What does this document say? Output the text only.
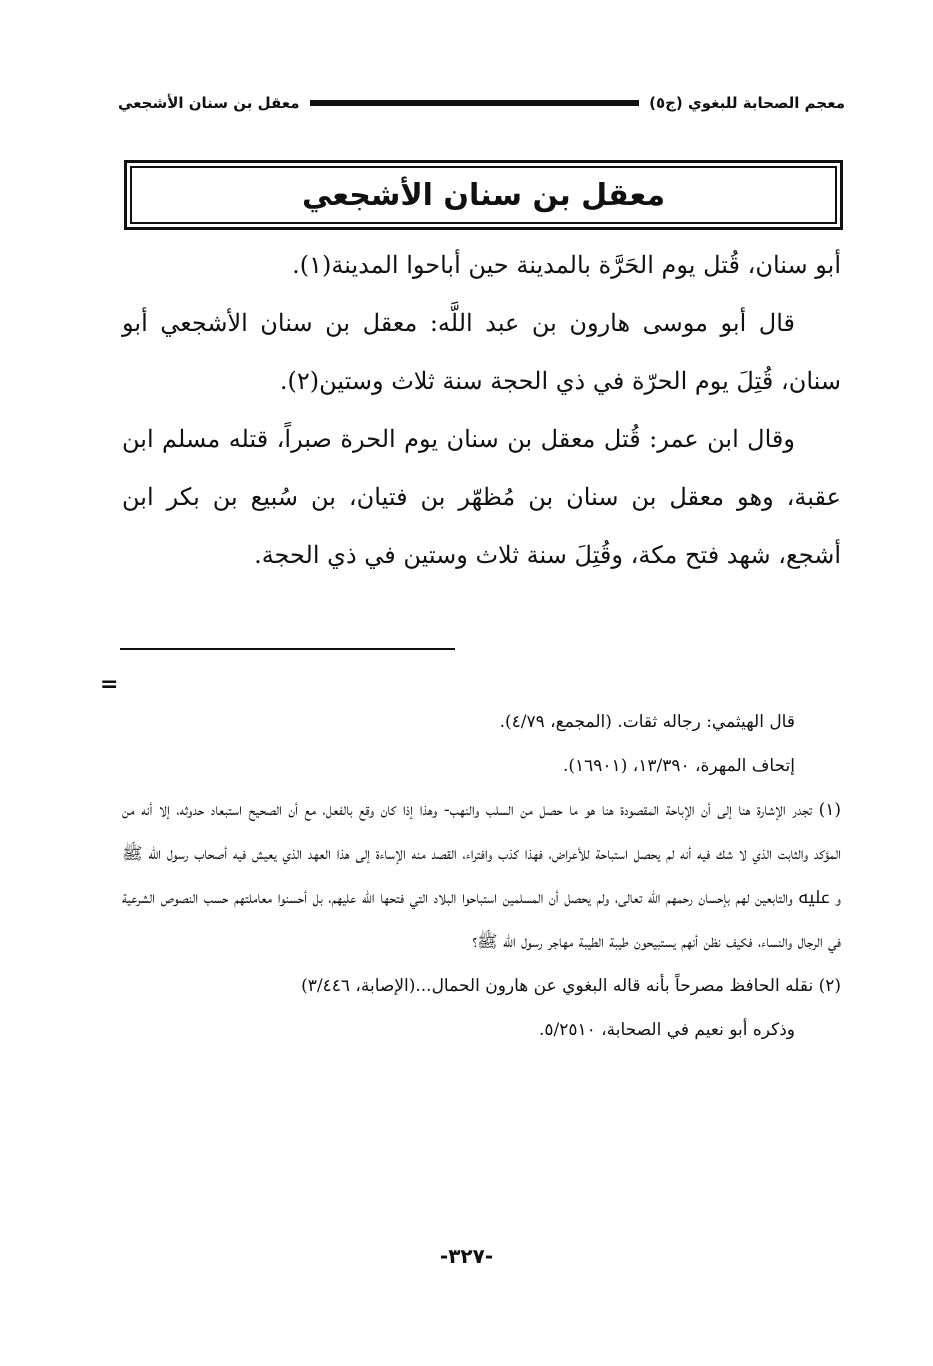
معجم الصحابة للبغوي (ج٥)
معقل بن سنان الأشجعي
معقل بن سنان الأشجعي

أبو سنان، قُتل يوم الحَرَّة بالمدينة حين أباحوا المدينة(١).

قال أبو موسى هارون بن عبد اللَّه: معقل بن سنان الأشجعي أبو سنان، قُتِلَ يوم الحرّة في ذي الحجة سنة ثلاث وستين(٢).

وقال ابن عمر: قُتل معقل بن سنان يوم الحرة صبراً، قتله مسلم ابن عقبة، وهو معقل بن سنان بن مُظهّر بن فتيان، بن سُبيع بن بكر ابن أشجع، شهد فتح مكة، وقُتِلَ سنة ثلاث وستين في ذي الحجة.

=

قال الهيثمي: رجاله ثقات. (المجمع، ٤/٧٩).

إتحاف المهرة، ١٣/٣٩٠، (١٦٩٠١).

(١) تجدر الإشارة هنا إلى أن الإباحة المقصودة هنا هو ما حصل من السلب والنهب- وهذا إذا كان وقع بالفعل، مع أن الصحيح استبعاد حدوثه، إلا أنه من المؤكد والثابت الذي لا شك فيه أنه لم يحصل استباحة للأعراض، فهذا كذب وافتراء، القصد منه الإساءة إلى هذا العهد الذي يعيش فيه أصحاب رسول اللّه ﷺ و ﷷ والتابعين لهم بإحسان رحمهم الله تعالى، ولم يحصل أن المسلمين استباحوا البلاد التي فتحها اللّه عليهم، بل أحسنوا معاملتهم حسب النصوص الشرعية في الرجال والنساء، فكيف نظن أنهم يستبيحون طيبة الطيبة مهاجر رسول اللّه ﷺ؟

(٢) نقله الحافظ مصرحاً بأنه قاله البغوي عن هارون الحمال...(الإصابة، ٣/٤٤٦)

وذكره أبو نعيم في الصحابة، ٥/٢٥١٠.

-٣٢٧-
